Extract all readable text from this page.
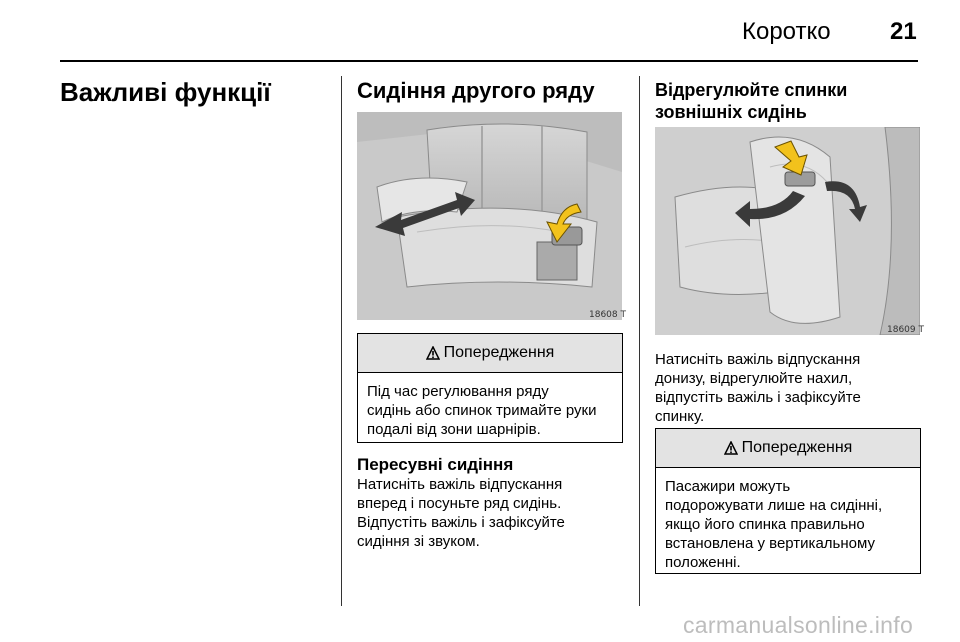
Коротко 21
Важливі функції	Сидіння другого ряду
18608 T
Попередження
Під час регулювання ряду
сидінь або спинок тримайте руки
подалі від зони шарнірів.
Пересувні сидіння
Натисніть важіль відпускання
вперед і посуньте ряд сидінь.
Відпустіть важіль і зафіксуйте
сидіння зі звуком.
Відрегулюйте спинки
зовнішніх сидінь
18609 T
Натисніть важіль відпускання
донизу, відрегулюйте нахил,
відпустіть важіль і зафіксуйте
спинку.
Попередження
Пасажири можуть
подорожувати лише на сидінні,
якщо його спинка правильно
встановлена у вертикальному
положенні.
carmanualsonline.info
